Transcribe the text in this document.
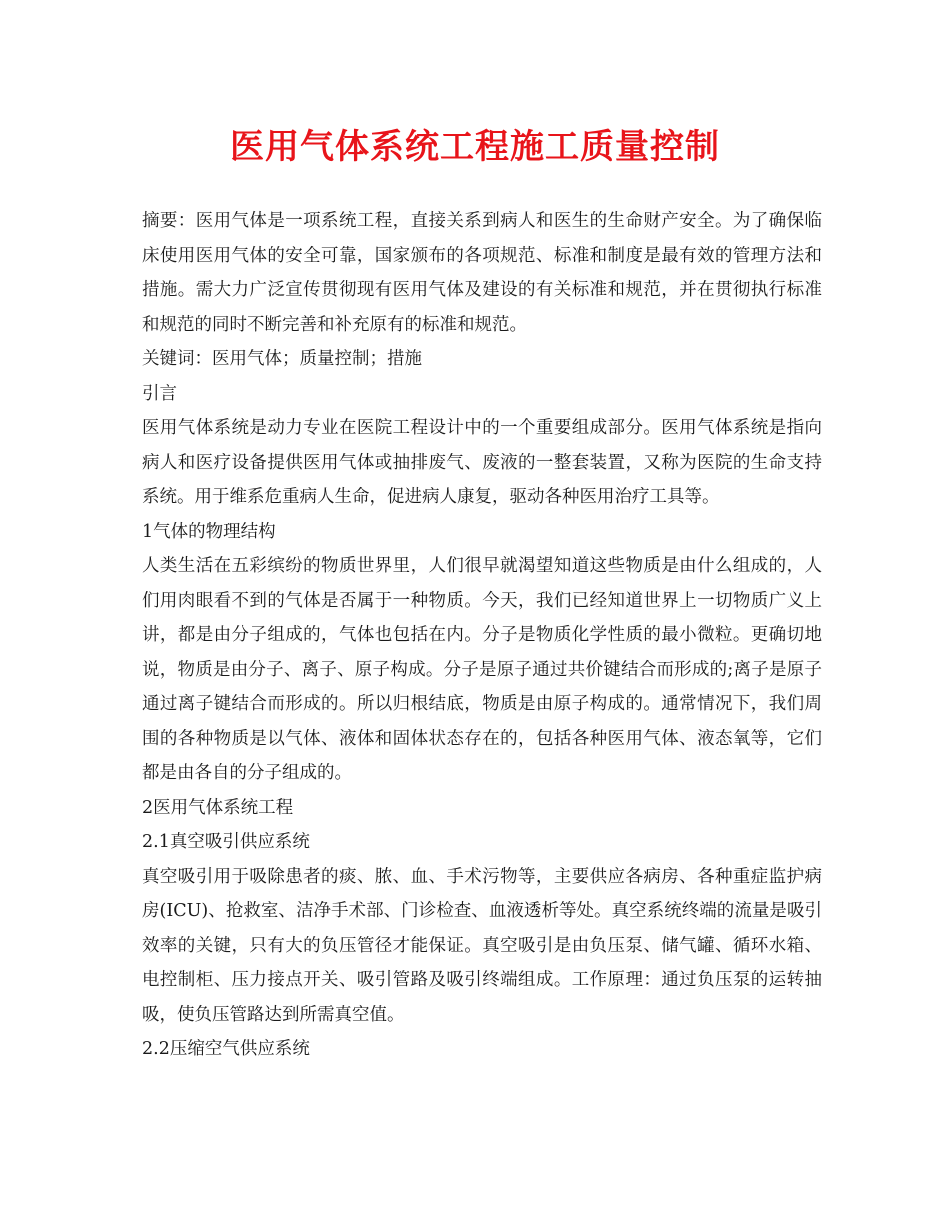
医用气体系统工程施工质量控制

摘要：医用气体是一项系统工程，直接关系到病人和医生的生命财产安全。为了确保临床使用医用气体的安全可靠，国家颁布的各项规范、标准和制度是最有效的管理方法和措施。需大力广泛宣传贯彻现有医用气体及建设的有关标准和规范，并在贯彻执行标准和规范的同时不断完善和补充原有的标准和规范。

关键词：医用气体；质量控制；措施

引言

医用气体系统是动力专业在医院工程设计中的一个重要组成部分。医用气体系统是指向病人和医疗设备提供医用气体或抽排废气、废液的一整套装置，又称为医院的生命支持系统。用于维系危重病人生命，促进病人康复，驱动各种医用治疗工具等。

1气体的物理结构

人类生活在五彩缤纷的物质世界里，人们很早就渴望知道这些物质是由什么组成的，人们用肉眼看不到的气体是否属于一种物质。今天，我们已经知道世界上一切物质广义上讲，都是由分子组成的，气体也包括在内。分子是物质化学性质的最小微粒。更确切地说，物质是由分子、离子、原子构成。分子是原子通过共价键结合而形成的;离子是原子通过离子键结合而形成的。所以归根结底，物质是由原子构成的。通常情况下，我们周围的各种物质是以气体、液体和固体状态存在的，包括各种医用气体、液态氧等，它们都是由各自的分子组成的。

2医用气体系统工程

2.1真空吸引供应系统

真空吸引用于吸除患者的痰、脓、血、手术污物等，主要供应各病房、各种重症监护病房(ICU)、抢救室、洁净手术部、门诊检查、血液透析等处。真空系统终端的流量是吸引效率的关键，只有大的负压管径才能保证。真空吸引是由负压泵、储气罐、循环水箱、电控制柜、压力接点开关、吸引管路及吸引终端组成。工作原理：通过负压泵的运转抽吸，使负压管路达到所需真空值。

2.2压缩空气供应系统
